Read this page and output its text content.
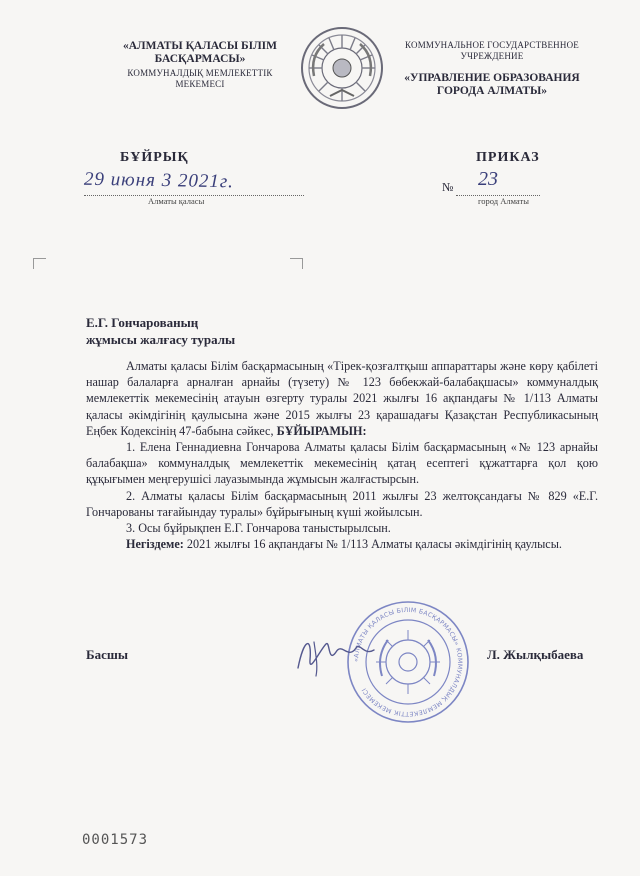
«АЛМАТЫ ҚАЛАСЫ БІЛІМ БАСҚАРМАСЫ»
КОММУНАЛДЫҚ МЕМЛЕКЕТТІК МЕКЕМЕСІ
КОММУНАЛЬНОЕ ГОСУДАРСТВЕННОЕ УЧРЕЖДЕНИЕ
«УПРАВЛЕНИЕ ОБРАЗОВАНИЯ ГОРОДА АЛМАТЫ»
БҰЙРЫҚ	ПРИКАЗ
29 июня 3 2021г.
Алматы қаласы
№ 23
город Алматы
Е.Г. Гончарованың
жұмысы жалғасу туралы

Алматы қаласы Білім басқармасының «Тірек-қозғалтқыш аппараттары және көру қабілеті нашар балаларға арналған арнайы (түзету) № 123 бөбекжай-балабақшасы» коммуналдық мемлекеттік мекемесінің атауын өзгерту туралы 2021 жылғы 16 ақпандағы № 1/113 Алматы қаласы әкімдігінің қаулысына және 2015 жылғы 23 қарашадағы Қазақстан Республикасының Еңбек Кодексінің 47-бабына сәйкес, БҰЙЫРАМЫН:

1. Елена Геннадиевна Гончарова Алматы қаласы Білім басқармасының «№ 123 арнайы балабақша» коммуналдық мемлекеттік мекемесінің қатаң есептегі құжаттарға қол қою құқығымен меңгерушісі лауазымында жұмысын жалғастырсын.

2. Алматы қаласы Білім басқармасының 2011 жылғы 23 желтоқсандағы № 829 «Е.Г. Гончарованы тағайындау туралы» бұйрығының күші жойылсын.

3. Осы бұйрықпен Е.Г. Гончарова таныстырылсын.

Негіздеме: 2021 жылғы 16 ақпандағы № 1/113 Алматы қаласы әкімдігінің қаулысы.

Басшы	Л. Жылқыбаева
«АЛМАТЫ ҚАЛАСЫ БІЛІМ БАСҚАРМАСЫ» КОММУНАЛДЫҚ МЕМЛЕКЕТТІК МЕКЕМЕСІ
0001573
